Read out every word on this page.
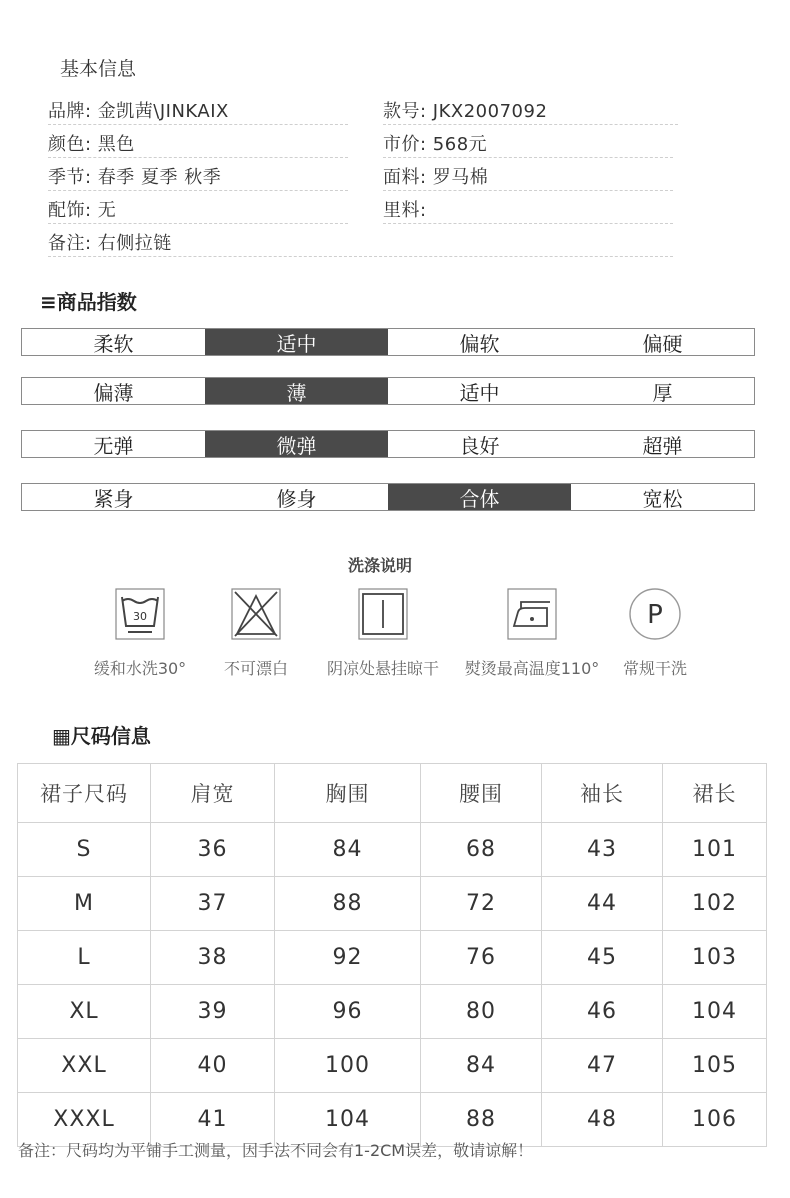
基本信息
品牌: 金凯茜\JINKAIX	款号: JKX2007092
颜色: 黑色	市价: 568元
季节: 春季 夏季 秋季	面料: 罗马棉
配饰: 无	里料:
备注: 右侧拉链
≡商品指数
柔软	适中	偏软	偏硬
偏薄	薄	适中	厚
无弹	微弹	良好	超弹
紧身	修身	合体	宽松
洗涤说明
30
缓和水洗30°	不可漂白	阴凉处悬挂晾干	熨烫最高温度110°
P
常规干洗
▦尺码信息
裙子尺码	肩宽	胸围	腰围	袖长	裙长
S	36	84	68	43	101
M	37	88	72	44	102
L	38	92	76	45	103
XL	39	96	80	46	104
XXL	40	100	84	47	105
XXXL	41	104	88	48	106
备注：尺码均为平铺手工测量，因手法不同会有1-2CM误差，敬请谅解！
